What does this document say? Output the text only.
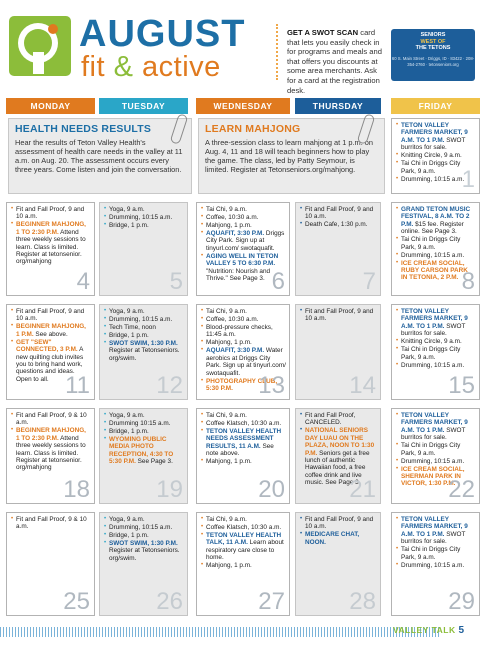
AUGUST
fit & active
GET A SWOT SCAN card that lets you easily check in for programs and meals and that offers you discounts at some area merchants. Ask for a card at the registration desk.
SENIORS
WEST OF
THE TETONS
60 S. Main Street · Driggs, ID · 83422 · 208-354-2760 · tetonseniors.org
MONDAY	TUESDAY	WEDNESDAY	THURSDAY	FRIDAY
HEALTH NEEDS RESULTS
Hear the results of Teton Valley Health's assessment of health care needs in the valley at 11 a.m. on Aug. 20. The assessment occurs every three years. Come listen and join the conversation.
LEARN MAHJONG
A three-session class to learn mahjong at 1 p.m. on Aug. 4, 11 and 18 will teach beginners how to play the game. The class, led by Patty Seymour, is limited. Register at Tetonseniors.org/mahjong.
• TETON VALLEY FARMERS MARKET, 9 A.M. TO 1 P.M. SWOT burritos for sale.
• Knitting Circle, 9 a.m.
• Tai Chi in Driggs City Park, 9 a.m.
• Drumming, 10:15 a.m.
1
• Fit and Fall Proof, 9 and 10 a.m.
• BEGINNER MAHJONG, 1 TO 2:30 P.M. Attend three weekly sessions to learn. Class is limited. Register at tetonsenior. org/mahjong
4
• Yoga, 9 a.m.
• Drumming, 10:15 a.m.
• Bridge, 1 p.m.
5
• Tai Chi, 9 a.m.
• Coffee, 10:30 a.m.
• Mahjong, 1 p.m.
• AQUAFIT, 3:30 P.M. Driggs City Park. Sign up at tinyurl.com/ swotaquafit.
• AGING WELL IN TETON VALLEY 5 TO 6:30 P.M. "Nutrition: Nourish and Thrive." See Page 3. 6
• Fit and Fall Proof, 9 and 10 a.m.
• Death Cafe, 1:30 p.m.
7
• GRAND TETON MUSIC FESTIVAL, 8 A.M. TO 2 P.M. $15 fee. Register online. See Page 3.
• Tai Chi in Driggs City Park, 9 a.m.
• Drumming, 10:15 a.m.
• ICE CREAM SOCIAL, RUBY CARSON PARK IN TETONIA, 2 P.M. 8
• Fit and Fall Proof, 9 and 10 a.m.
• BEGINNER MAHJONG, 1 P.M. See above.
• GET "SEW" CONNECTED, 3 P.M. A new quilting club invites you to bring hand work, questions and ideas. Open to all. 11
• Yoga, 9 a.m.
• Drumming, 10:15 a.m.
• Tech Time, noon
• Bridge, 1 p.m.
• SWOT SWIM, 1:30 P.M. Register at Tetonseniors. org/swim.
12
• Tai Chi, 9 a.m.
• Coffee, 10:30 a.m.
• Blood-pressure checks, 11:45 a.m.
• Mahjong, 1 p.m.
• AQUAFIT, 3:30 P.M. Water aerobics at Driggs City Park. Sign up at tinyurl.com/ swotaquafit.
• PHOTOGRAPHY CLUB, 5:30 P.M.	13
• Fit and Fall Proof, 9 and 10 a.m.
14
• TETON VALLEY FARMERS MARKET, 9 A.M. TO 1 P.M. SWOT burritos for sale.
• Knitting Circle, 9 a.m.
• Tai Chi in Driggs City Park, 9 a.m.
• Drumming, 10:15 a.m.
15
• Fit and Fall Proof, 9 & 10 a.m.
• BEGINNER MAHJONG, 1 TO 2:30 P.M. Attend three weekly sessions to learn. Class is limited. Register at tetonsenior. org/mahjong
18
• Yoga, 9 a.m.
• Drumming 10:15 a.m.
• Bridge, 1 p.m.
• WYOMING PUBLIC MEDIA PHOTO RECEPTION, 4:30 TO 5:30 P.M. See Page 3.
19
• Tai Chi, 9 a.m.
• Coffee Klatsch, 10:30 a.m.
• TETON VALLEY HEALTH NEEDS ASSESSMENT RESULTS, 11 A.M. See note above.
• Mahjong, 1 p.m.
20
• Fit and Fall Proof, CANCELED.
• NATIONAL SENIORS DAY LUAU ON THE PLAZA, NOON TO 1:30 P.M. Seniors get a free lunch of authentic Hawaiian food, a free coffee drink and live music. See Page 3.
21
• TETON VALLEY FARMERS MARKET, 9 A.M. TO 1 P.M. SWOT burritos for sale.
• Tai Chi in Driggs City Park, 9 a.m.
• Drumming, 10:15 a.m.
• ICE CREAM SOCIAL, SHERMAN PARK IN VICTOR, 1:30 P.M.
22
• Fit and Fall Proof, 9 & 10 a.m.
25
• Yoga, 9 a.m.
• Drumming, 10:15 a.m.
• Bridge, 1 p.m.
• SWOT SWIM, 1:30 P.M. Register at Tetonseniors. org/swim.
26
• Tai Chi, 9 a.m.
• Coffee Klatsch, 10:30 a.m.
• TETON VALLEY HEALTH TALK, 11 A.M. Learn about respiratory care close to home.
• Mahjong, 1 p.m.
27
• Fit and Fall Proof, 9 and 10 a.m.
• MEDICARE CHAT, NOON.
28
• TETON VALLEY FARMERS MARKET, 9 A.M. TO 1 P.M. SWOT burritos for sale.
• Tai Chi in Driggs City Park, 9 a.m.
• Drumming, 10:15 a.m.
29
VALLEY TALK 5
